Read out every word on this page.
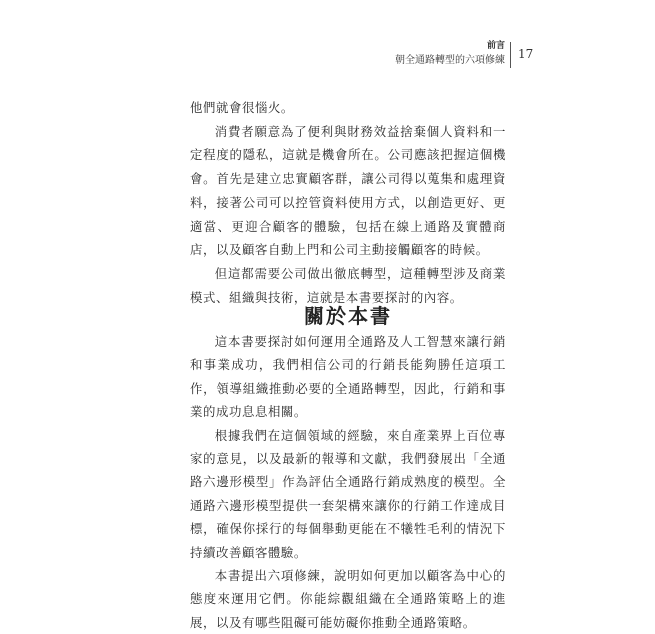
前言
朝全通路轉型的六項修練 17

他們就會很惱火。

消費者願意為了便利與財務效益捨棄個人資料和一定程度的隱私，這就是機會所在。公司應該把握這個機會。首先是建立忠實顧客群，讓公司得以蒐集和處理資料，接著公司可以控管資料使用方式，以創造更好、更適當、更迎合顧客的體驗，包括在線上通路及實體商店，以及顧客自動上門和公司主動接觸顧客的時候。

但這都需要公司做出徹底轉型，這種轉型涉及商業模式、組織與技術，這就是本書要探討的內容。

關於本書

這本書要探討如何運用全通路及人工智慧來讓行銷和事業成功，我們相信公司的行銷長能夠勝任這項工作，領導組織推動必要的全通路轉型，因此，行銷和事業的成功息息相關。

根據我們在這個領域的經驗，來自產業界上百位專家的意見，以及最新的報導和文獻，我們發展出「全通路六邊形模型」作為評估全通路行銷成熟度的模型。全通路六邊形模型提供一套架構來讓你的行銷工作達成目標，確保你採行的每個舉動更能在不犧牲毛利的情況下持續改善顧客體驗。

本書提出六項修練，說明如何更加以顧客為中心的態度來運用它們。你能綜觀組織在全通路策略上的進展，以及有哪些阻礙可能妨礙你推動全通路策略。
